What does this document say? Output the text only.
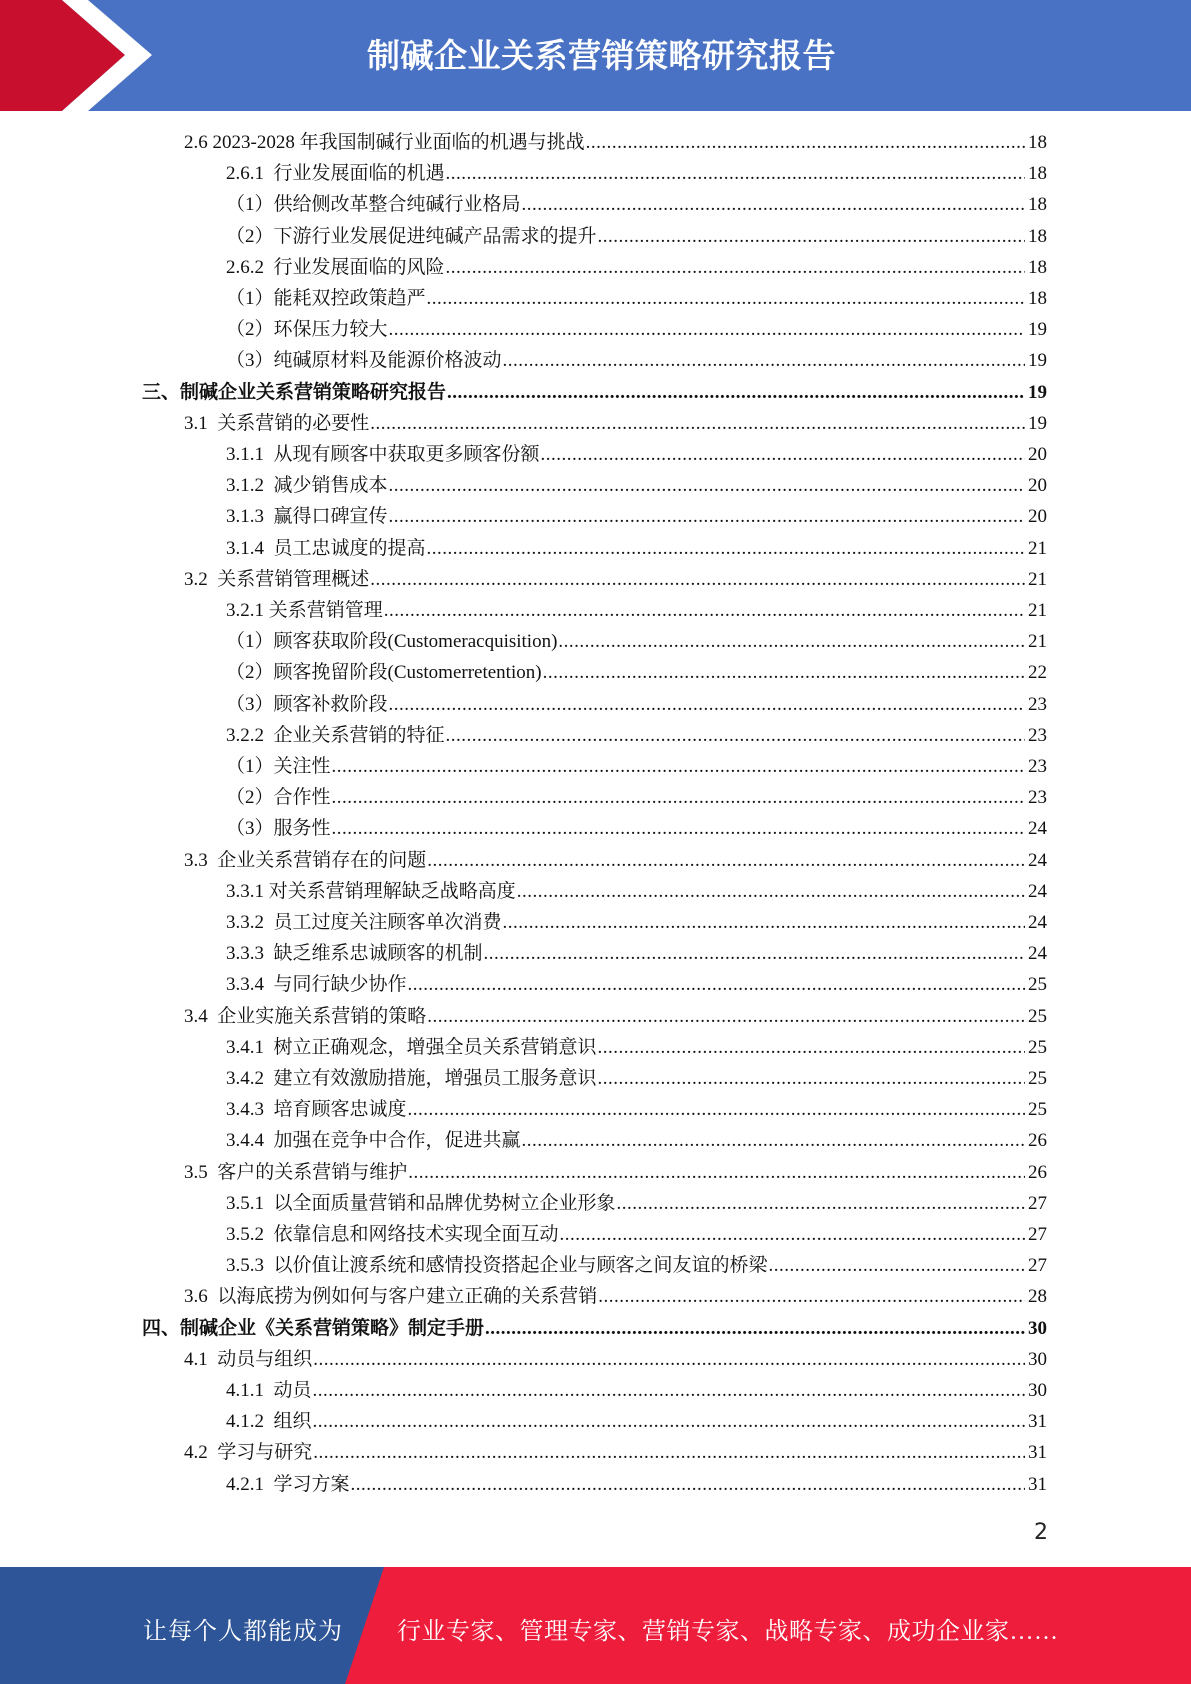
制碱企业关系营销策略研究报告
2.6 2023-2028 年我国制碱行业面临的机遇与挑战 .....	18
2.6.1  行业发展面临的机遇 .....	18
（1）供给侧改革整合纯碱行业格局 .....	18
（2）下游行业发展促进纯碱产品需求的提升 .....	18
2.6.2  行业发展面临的风险 .....	18
（1）能耗双控政策趋严 .....	18
（2）环保压力较大 .....	19
（3）纯碱原材料及能源价格波动 .....	19
三、制碱企业关系营销策略研究报告 .....	19
3.1  关系营销的必要性 .....	19
3.1.1  从现有顾客中获取更多顾客份额 .....	20
3.1.2  减少销售成本 .....	20
3.1.3  赢得口碑宣传 .....	20
3.1.4  员工忠诚度的提高 .....	21
3.2  关系营销管理概述 .....	21
3.2.1 关系营销管理 .....	21
（1）顾客获取阶段(Customeracquisition) .....	21
（2）顾客挽留阶段(Customerretention) .....	22
（3）顾客补救阶段 .....	23
3.2.2  企业关系营销的特征 .....	23
（1）关注性 .....	23
（2）合作性 .....	23
（3）服务性 .....	24
3.3  企业关系营销存在的问题 .....	24
3.3.1 对关系营销理解缺乏战略高度 .....	24
3.3.2  员工过度关注顾客单次消费 .....	24
3.3.3  缺乏维系忠诚顾客的机制 .....	24
3.3.4  与同行缺少协作 .....	25
3.4  企业实施关系营销的策略 .....	25
3.4.1  树立正确观念，增强全员关系营销意识 .....	25
3.4.2  建立有效激励措施，增强员工服务意识 .....	25
3.4.3  培育顾客忠诚度 .....	25
3.4.4  加强在竞争中合作，促进共赢 .....	26
3.5  客户的关系营销与维护 .....	26
3.5.1  以全面质量营销和品牌优势树立企业形象 .....	27
3.5.2  依靠信息和网络技术实现全面互动 .....	27
3.5.3  以价值让渡系统和感情投资搭起企业与顾客之间友谊的桥梁 .....	27
3.6  以海底捞为例如何与客户建立正确的关系营销 .....	28
四、制碱企业《关系营销策略》制定手册 .....	30
4.1  动员与组织 .....	30
4.1.1  动员 .....	30
4.1.2  组织 .....	31
4.2  学习与研究 .....	31
4.2.1  学习方案 .....	31
2
让每个人都能成为 行业专家、管理专家、营销专家、战略专家、成功企业家……
